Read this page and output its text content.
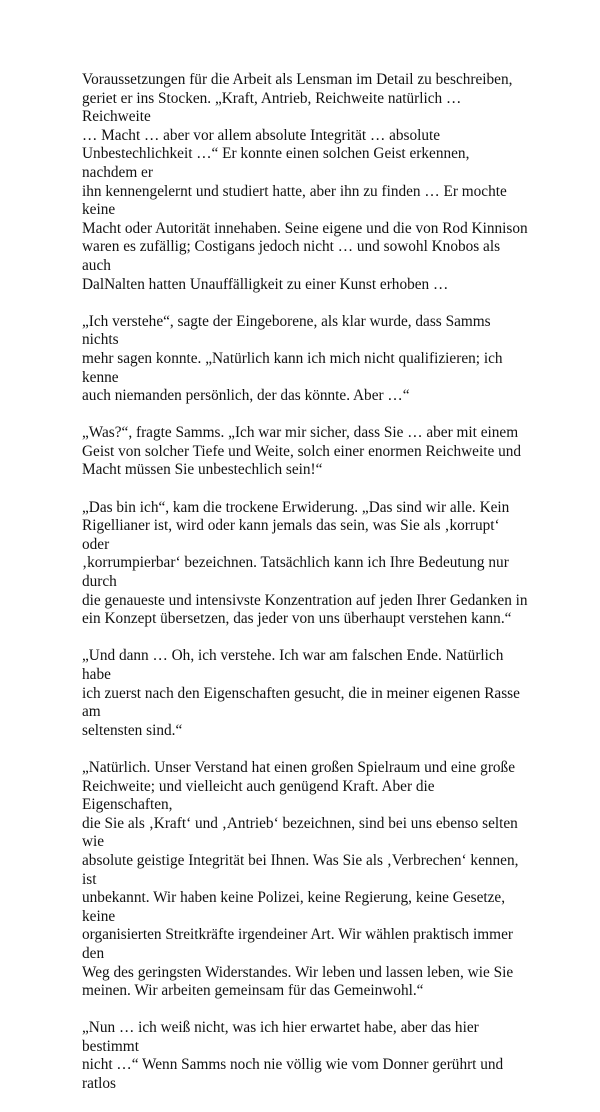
Voraussetzungen für die Arbeit als Lensman im Detail zu beschreiben,
geriet er ins Stocken. „Kraft, Antrieb, Reichweite natürlich … Reichweite
… Macht … aber vor allem absolute Integrität … absolute
Unbestechlichkeit …“ Er konnte einen solchen Geist erkennen, nachdem er
ihn kennengelernt und studiert hatte, aber ihn zu finden … Er mochte keine
Macht oder Autorität innehaben. Seine eigene und die von Rod Kinnison
waren es zufällig; Costigans jedoch nicht … und sowohl Knobos als auch
DalNalten hatten Unauffälligkeit zu einer Kunst erhoben …

„Ich verstehe“, sagte der Eingeborene, als klar wurde, dass Samms nichts
mehr sagen konnte. „Natürlich kann ich mich nicht qualifizieren; ich kenne
auch niemanden persönlich, der das könnte. Aber …“

„Was?“, fragte Samms. „Ich war mir sicher, dass Sie … aber mit einem
Geist von solcher Tiefe und Weite, solch einer enormen Reichweite und
Macht müssen Sie unbestechlich sein!“

„Das bin ich“, kam die trockene Erwiderung. „Das sind wir alle. Kein
Rigellianer ist, wird oder kann jemals das sein, was Sie als ‚korrupt‘ oder
‚korrumpierbar‘ bezeichnen. Tatsächlich kann ich Ihre Bedeutung nur durch
die genaueste und intensivste Konzentration auf jeden Ihrer Gedanken in
ein Konzept übersetzen, das jeder von uns überhaupt verstehen kann.“

„Und dann … Oh, ich verstehe. Ich war am falschen Ende. Natürlich habe
ich zuerst nach den Eigenschaften gesucht, die in meiner eigenen Rasse am
seltensten sind.“

„Natürlich. Unser Verstand hat einen großen Spielraum und eine große
Reichweite; und vielleicht auch genügend Kraft. Aber die Eigenschaften,
die Sie als ‚Kraft‘ und ‚Antrieb‘ bezeichnen, sind bei uns ebenso selten wie
absolute geistige Integrität bei Ihnen. Was Sie als ‚Verbrechen‘ kennen, ist
unbekannt. Wir haben keine Polizei, keine Regierung, keine Gesetze, keine
organisierten Streitkräfte irgendeiner Art. Wir wählen praktisch immer den
Weg des geringsten Widerstandes. Wir leben und lassen leben, wie Sie
meinen. Wir arbeiten gemeinsam für das Gemeinwohl.“

„Nun … ich weiß nicht, was ich hier erwartet habe, aber das hier bestimmt
nicht …“ Wenn Samms noch nie völlig wie vom Donner gerührt und ratlos
